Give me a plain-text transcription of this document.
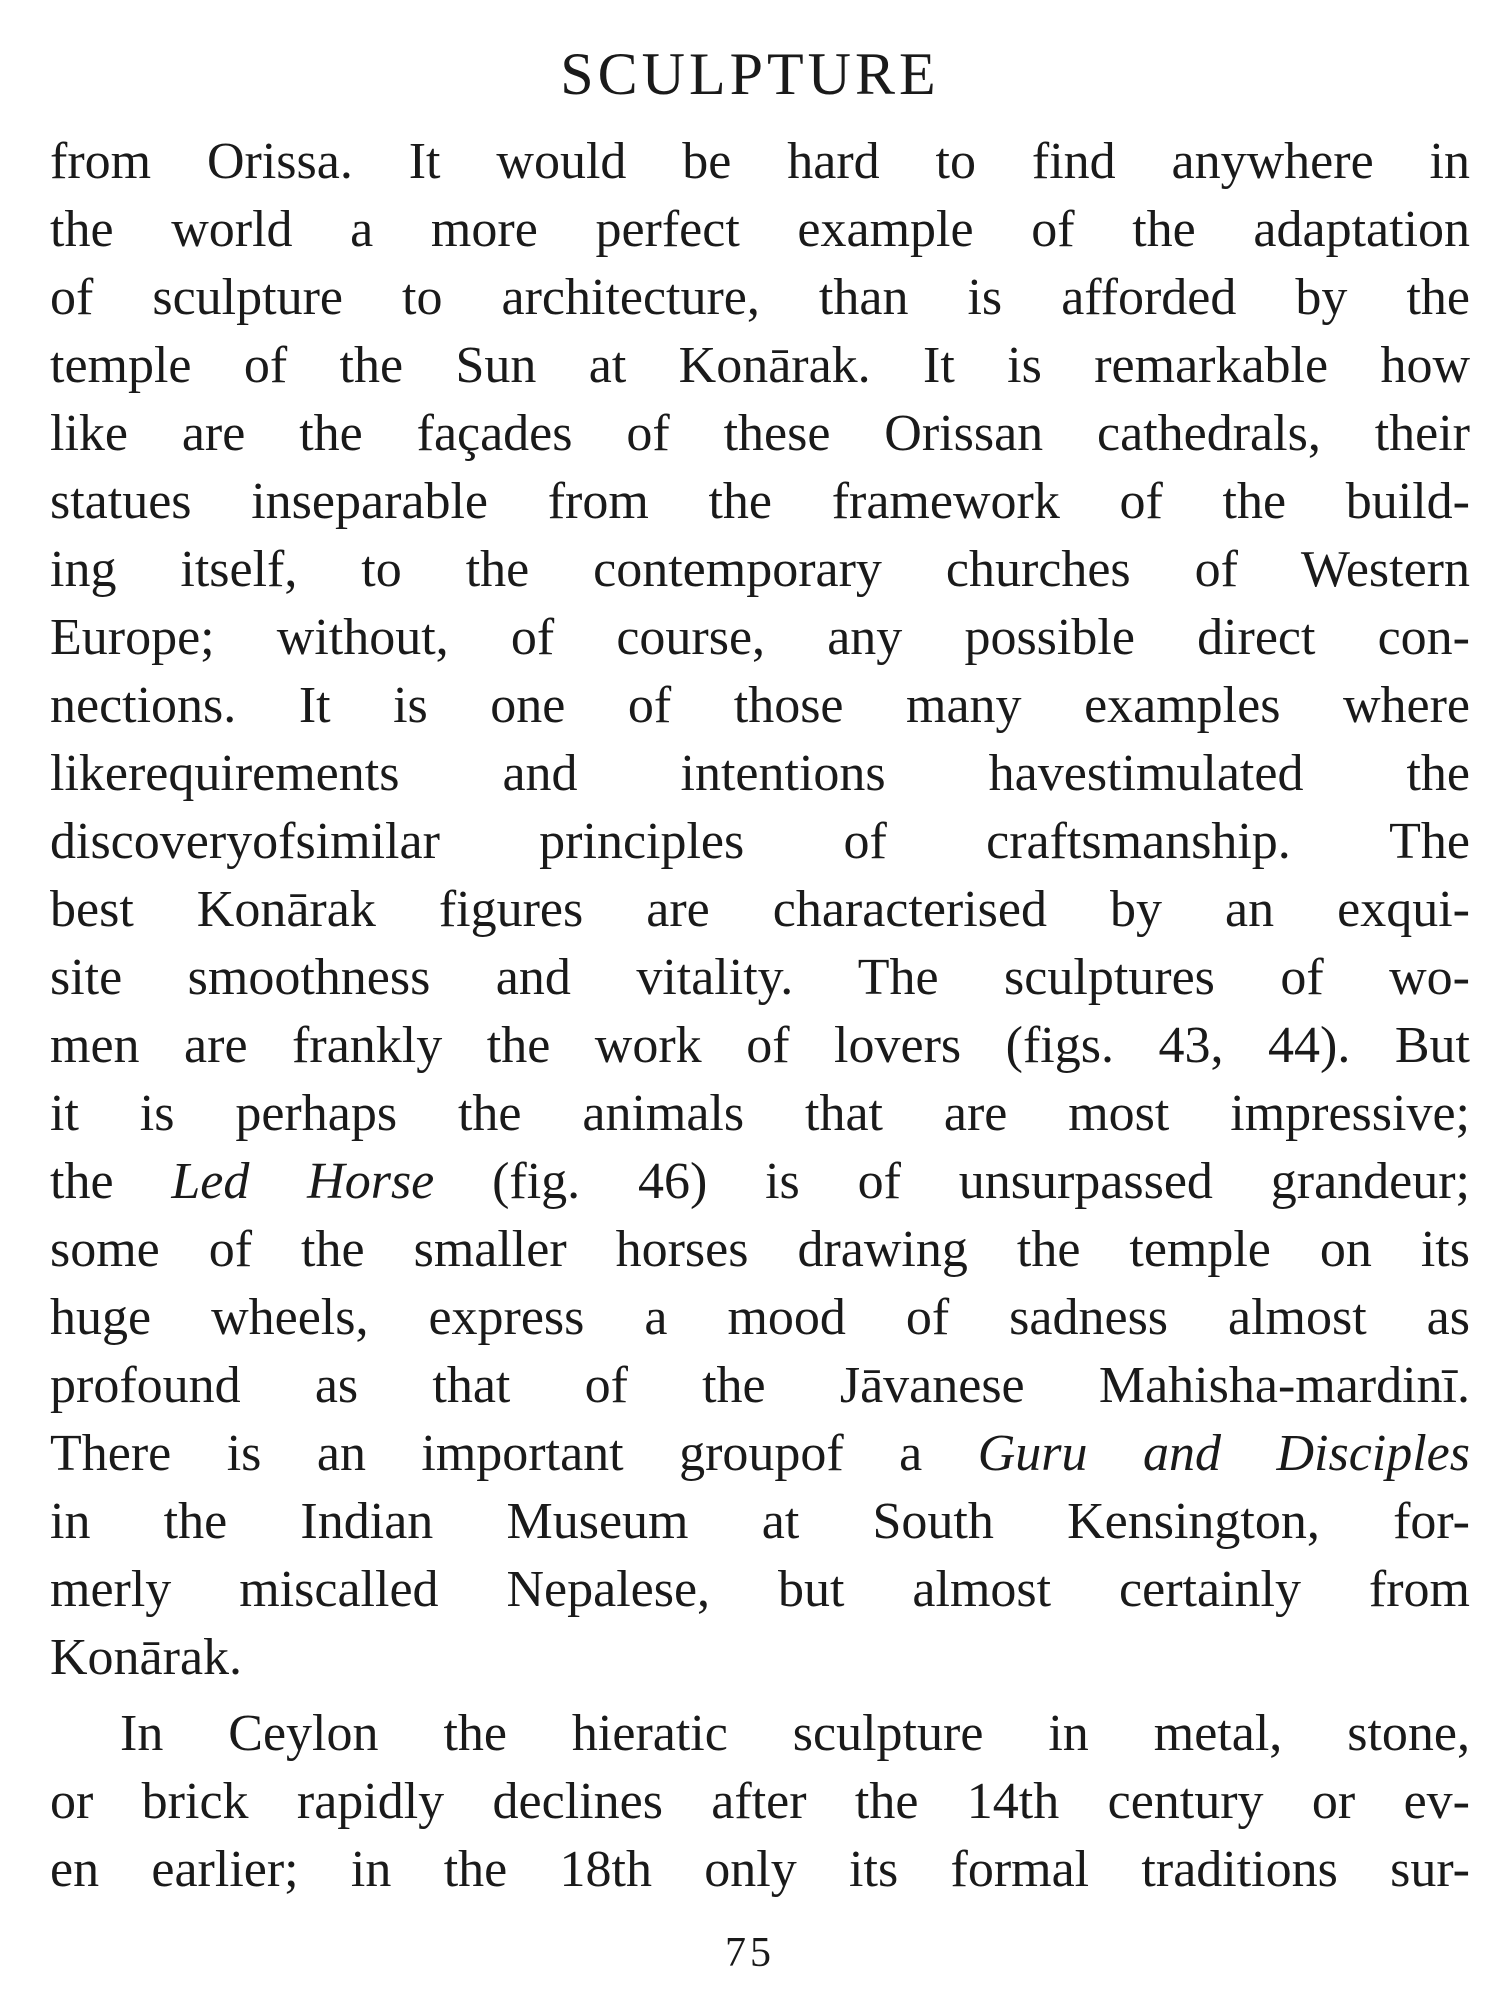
SCULPTURE
from Orissa. It would be hard to find anywhere in
the world a more perfect example of the adaptation
of sculpture to architecture, than is afforded by the
temple of the Sun at Konārak. It is remarkable how
like are the façades of these Orissan cathedrals, their
statues inseparable from the framework of the build-
ing itself, to the contemporary churches of Western
Europe; without, of course, any possible direct con-
nections. It is one of those many examples where
likerequirements and intentions havestimulated the
discoveryofsimilar principles of craftsmanship. The
best Konārak figures are characterised by an exqui-
site smoothness and vitality. The sculptures of wo-
men are frankly the work of lovers (figs. 43, 44). But
it is perhaps the animals that are most impressive;
the Led Horse (fig. 46) is of unsurpassed grandeur;
some of the smaller horses drawing the temple on its
huge wheels, express a mood of sadness almost as
profound as that of the Jāvanese Mahisha-mardinī.
There is an important groupof a Guru and Disciples
in the Indian Museum at South Kensington, for-
merly miscalled Nepalese, but almost certainly from
Konārak.
In Ceylon the hieratic sculpture in metal, stone,
or brick rapidly declines after the 14th century or ev-
en earlier; in the 18th only its formal traditions sur-
75
